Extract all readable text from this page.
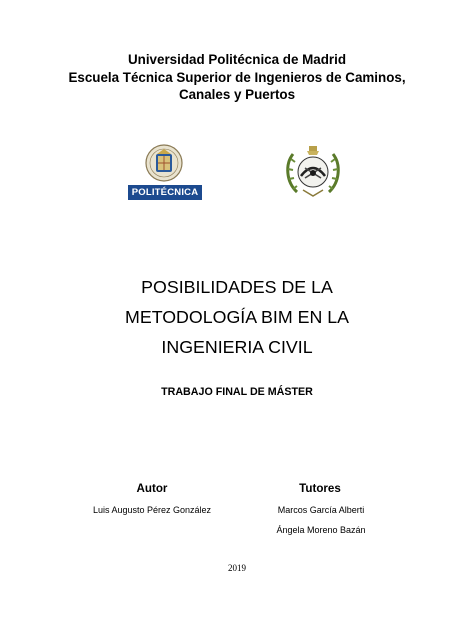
Universidad Politécnica de Madrid
Escuela Técnica Superior de Ingenieros de Caminos,
Canales y Puertos
POLITÉCNICA
POSIBILIDADES DE LA
METODOLOGÍA BIM EN LA
INGENIERIA CIVIL
TRABAJO FINAL DE MÁSTER
Autor	Tutores
Luis Augusto Pérez González	Marcos García Alberti
Ángela Moreno Bazán
2019
